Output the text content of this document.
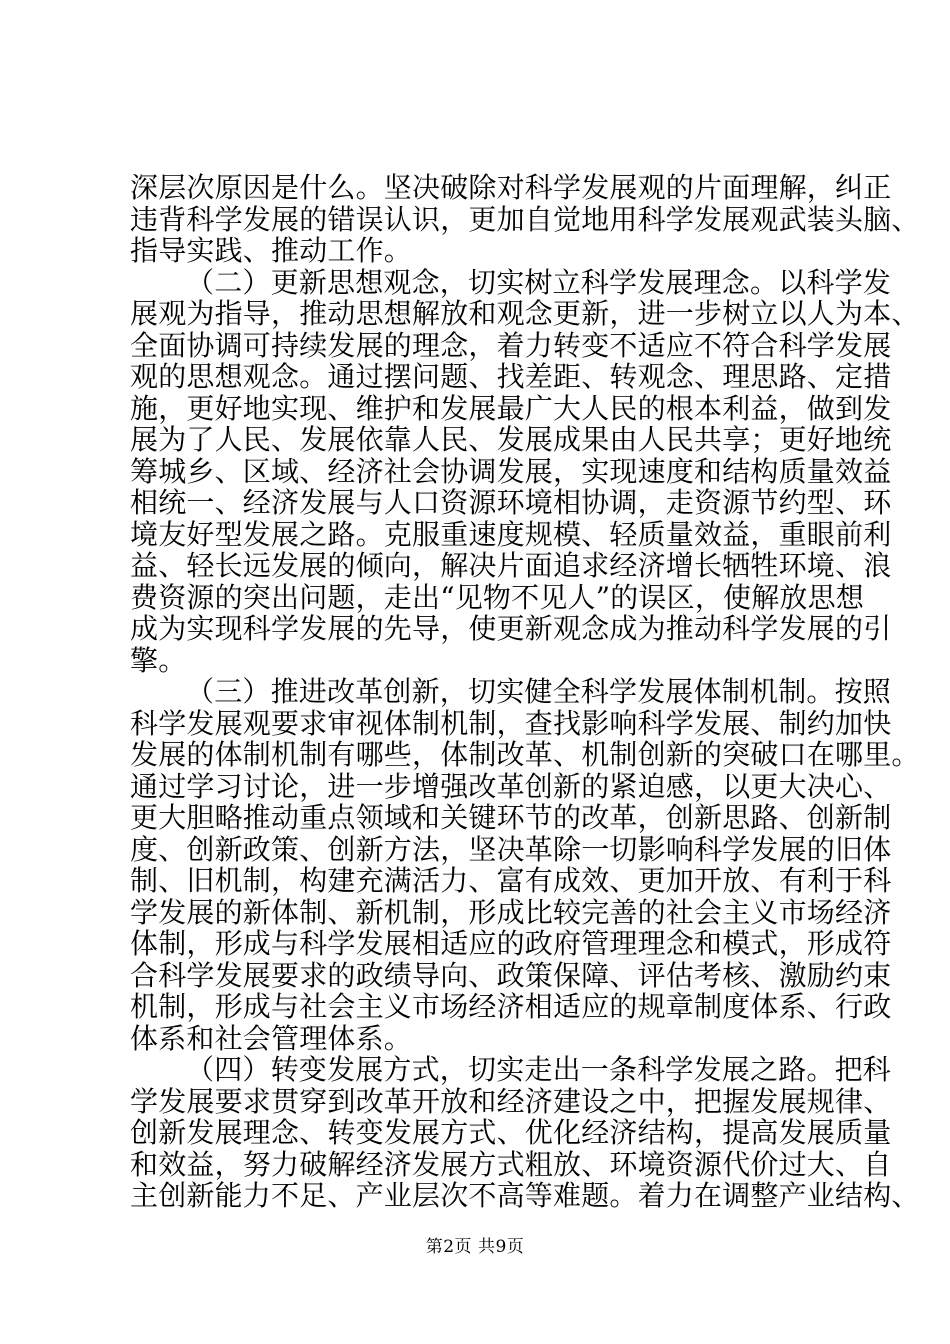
深层次原因是什么。坚决破除对科学发展观的片面理解，纠正
违背科学发展的错误认识，更加自觉地用科学发展观武装头脑、
指导实践、推动工作。
（二）更新思想观念，切实树立科学发展理念。以科学发
展观为指导，推动思想解放和观念更新，进一步树立以人为本、
全面协调可持续发展的理念，着力转变不适应不符合科学发展
观的思想观念。通过摆问题、找差距、转观念、理思路、定措
施，更好地实现、维护和发展最广大人民的根本利益，做到发
展为了人民、发展依靠人民、发展成果由人民共享；更好地统
筹城乡、区域、经济社会协调发展，实现速度和结构质量效益
相统一、经济发展与人口资源环境相协调，走资源节约型、环
境友好型发展之路。克服重速度规模、轻质量效益，重眼前利
益、轻长远发展的倾向，解决片面追求经济增长牺牲环境、浪
费资源的突出问题，走出“见物不见人”的误区，使解放思想
成为实现科学发展的先导，使更新观念成为推动科学发展的引
擎。
（三）推进改革创新，切实健全科学发展体制机制。按照
科学发展观要求审视体制机制，查找影响科学发展、制约加快
发展的体制机制有哪些，体制改革、机制创新的突破口在哪里。
通过学习讨论，进一步增强改革创新的紧迫感，以更大决心、
更大胆略推动重点领域和关键环节的改革，创新思路、创新制
度、创新政策、创新方法，坚决革除一切影响科学发展的旧体
制、旧机制，构建充满活力、富有成效、更加开放、有利于科
学发展的新体制、新机制，形成比较完善的社会主义市场经济
体制，形成与科学发展相适应的政府管理理念和模式，形成符
合科学发展要求的政绩导向、政策保障、评估考核、激励约束
机制，形成与社会主义市场经济相适应的规章制度体系、行政
体系和社会管理体系。
（四）转变发展方式，切实走出一条科学发展之路。把科
学发展要求贯穿到改革开放和经济建设之中，把握发展规律、
创新发展理念、转变发展方式、优化经济结构，提高发展质量
和效益，努力破解经济发展方式粗放、环境资源代价过大、自
主创新能力不足、产业层次不高等难题。着力在调整产业结构、
第2页 共9页
